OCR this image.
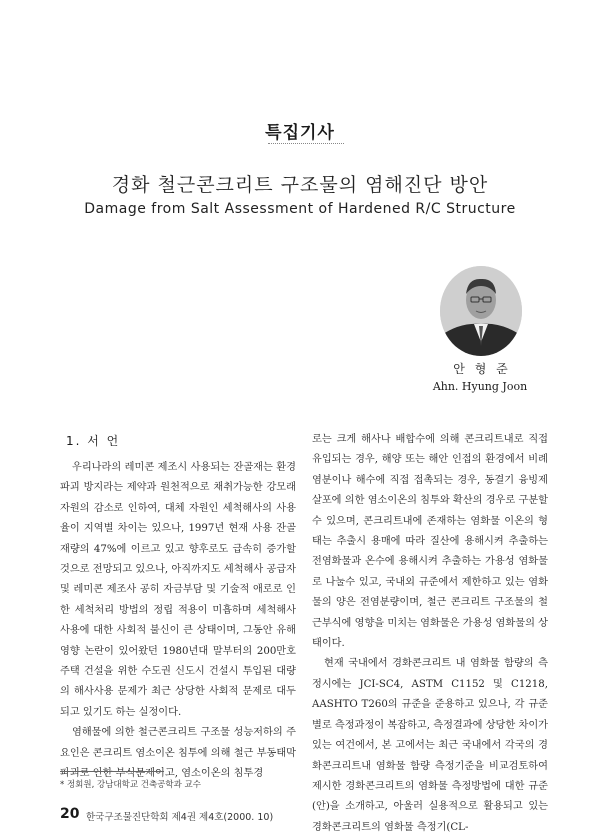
특집기사
경화 철근콘크리트 구조물의 염해진단 방안
Damage from Salt Assessment of Hardened R/C Structure
안 형 준
Ahn. Hyung Joon
1. 서 언

우리나라의 레미콘 제조시 사용되는 잔골재는 환경파괴 방지라는 제약과 원천적으로 채취가능한 강모래 자원의 감소로 인하여, 대체 자원인 세척해사의 사용율이 지역별 차이는 있으나, 1997년 현재 사용 잔골재량의 47%에 이르고 있고 향후로도 급속히 증가할 것으로 전망되고 있으나, 아직까지도 세척해사 공급자 및 레미콘 제조사 공히 자금부담 및 기술적 애로로 인한 세척처리 방법의 정립 적용이 미흡하며 세척해사 사용에 대한 사회적 불신이 큰 상태이며, 그동안 유해영향 논란이 있어왔던 1980년대 말부터의 200만호 주택 건설을 위한 수도권 신도시 건설시 투입된 대량의 해사사용 문제가 최근 상당한 사회적 문제로 대두되고 있기도 하는 실정이다.

염해물에 의한 철근콘크리트 구조물 성능저하의 주요인은 콘크리트 염소이온 침투에 의해 철근 부동태막 파괴로 인한 부식문제이고, 염소이온의 침투경

로는 크게 해사나 배합수에 의해 콘크리트내로 직접 유입되는 경우, 해양 또는 해안 인접의 환경에서 비례 염분이나 해수에 직접 접촉되는 경우, 동결기 융빙제 살포에 의한 염소이온의 침투와 확산의 경우로 구분할 수 있으며, 콘크리트내에 존재하는 염화물 이온의 형태는 추출시 용매에 따라 질산에 용해시켜 추출하는 전염화물과 온수에 용해시켜 추출하는 가용성 염화물로 나눌수 있고, 국내외 규준에서 제한하고 있는 염화물의 양은 전염분량이며, 철근 콘크리트 구조물의 철근부식에 영향을 미치는 염화물은 가용성 염화물의 상태이다.

현재 국내에서 경화콘크리트 내 염화물 함량의 측정시에는 JCI-SC4, ASTM C1152 및 C1218, AASHTO T260의 규준을 준용하고 있으나, 각 규준별로 측정과정이 복잡하고, 측정결과에 상당한 차이가 있는 여건에서, 본 고에서는 최근 국내에서 각국의 경화콘크리트내 염화물 함량 측정기준을 비교검토하여 제시한 경화콘크리트의 염화물 측정방법에 대한 규준(안)을 소개하고, 아울러 실용적으로 활용되고 있는 경화콘크리트의 염화물 측정기(CL-

* 정회원, 강남대학교 건축공학과 교수
20 한국구조물진단학회 제4권 제4호(2000. 10)
